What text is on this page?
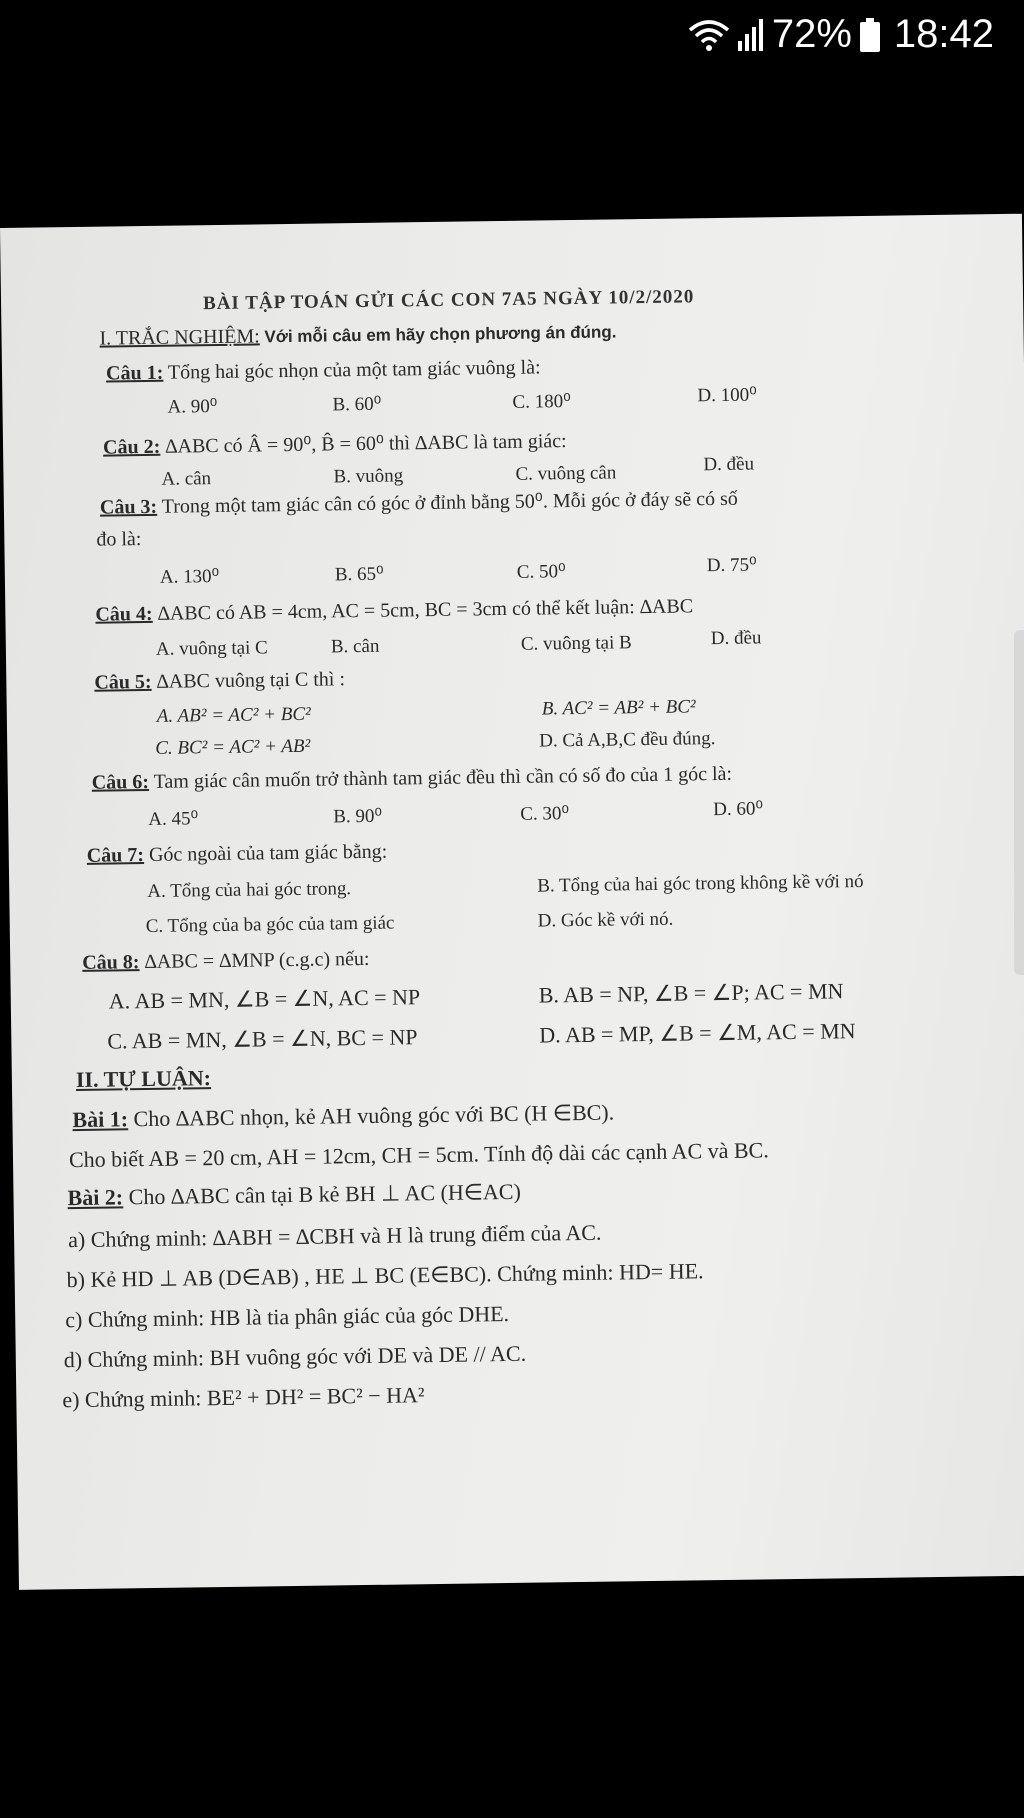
72% 18:42
BÀI TẬP TOÁN GỬI CÁC CON 7A5 NGÀY 10/2/2020
I. TRẮC NGHIỆM: Với mỗi câu em hãy chọn phương án đúng.
Câu 1: Tổng hai góc nhọn của một tam giác vuông là:
A. 90⁰	B. 60⁰	C. 180⁰	D. 100⁰
Câu 2: ∆ABC có Â = 90⁰, B̂ = 60⁰ thì ∆ABC là tam giác:
A. cân	B. vuông	C. vuông cân	D. đều
Câu 3: Trong một tam giác cân có góc ở đỉnh bằng 50⁰. Mỗi góc ở đáy sẽ có số
đo là:
A. 130⁰	B. 65⁰	C. 50⁰	D. 75⁰
Câu 4: ∆ABC có AB = 4cm, AC = 5cm, BC = 3cm có thể kết luận: ∆ABC
A. vuông tại C	B. cân	C. vuông tại B	D. đều
Câu 5: ∆ABC vuông tại C thì :
A. AB² = AC² + BC²	B. AC² = AB² + BC²
C. BC² = AC² + AB²	D. Cả A,B,C đều đúng.
Câu 6: Tam giác cân muốn trở thành tam giác đều thì cần có số đo của 1 góc là:
A. 45⁰	B. 90⁰	C. 30⁰	D. 60⁰
Câu 7: Góc ngoài của tam giác bằng:
A. Tổng của hai góc trong.	B. Tổng của hai góc trong không kề với nó
C. Tổng của ba góc của tam giác	D. Góc kề với nó.
Câu 8: ∆ABC = ∆MNP (c.g.c) nếu:
A. AB = MN, ∠B = ∠N, AC = NP	B. AB = NP, ∠B = ∠P; AC = MN
C. AB = MN, ∠B = ∠N, BC = NP	D. AB = MP, ∠B = ∠M, AC = MN
II. TỰ LUẬN:
Bài 1: Cho ∆ABC nhọn, kẻ AH vuông góc với BC (H ∈BC).
Cho biết AB = 20 cm, AH = 12cm, CH = 5cm. Tính độ dài các cạnh AC và BC.
Bài 2: Cho ∆ABC cân tại B kẻ BH ⊥ AC (H∈AC)
a) Chứng minh: ∆ABH = ∆CBH và H là trung điểm của AC.
b) Kẻ HD ⊥ AB (D∈AB) , HE ⊥ BC (E∈BC). Chứng minh: HD= HE.
c) Chứng minh: HB là tia phân giác của góc DHE.
d) Chứng minh: BH vuông góc với DE và DE // AC.
e) Chứng minh: BE² + DH² = BC² − HA²
